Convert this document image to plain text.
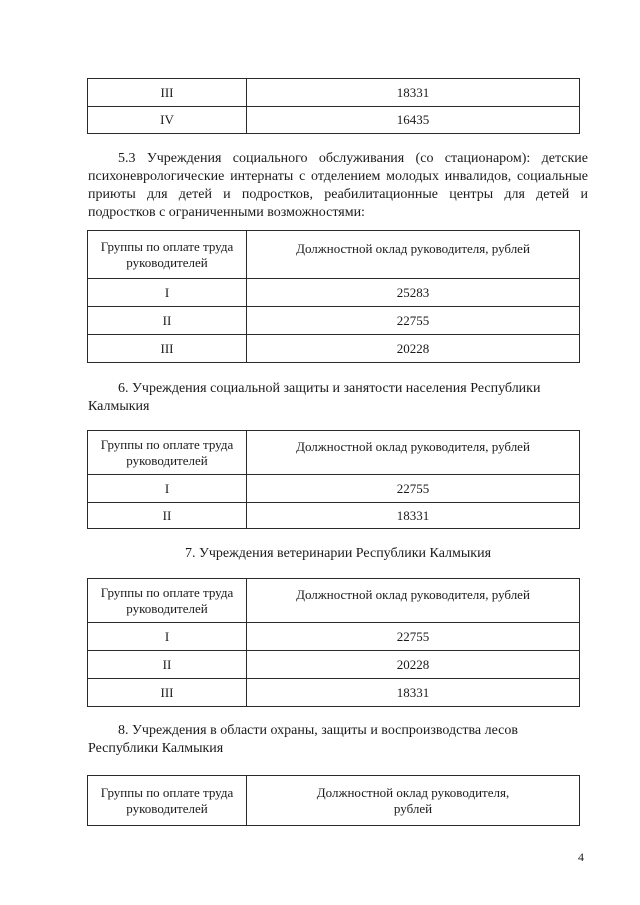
III	18331
IV	16435

5.3 Учреждения социального обслуживания (со стационаром): детские психоневрологические интернаты с отделением молодых инвалидов, социальные приюты для детей и подростков, реабилитационные центры для детей и подростков с ограниченными возможностями:

Группы по оплате труда руководителей	Должностной оклад руководителя, рублей
I	25283
II	22755
III	20228

6. Учреждения социальной защиты и занятости населения Республики Калмыкия

Группы по оплате труда руководителей	Должностной оклад руководителя, рублей
I	22755
II	18331

7. Учреждения ветеринарии Республики Калмыкия

Группы по оплате труда руководителей	Должностной оклад руководителя, рублей
I	22755
II	20228
III	18331

8. Учреждения в области охраны, защиты и воспроизводства лесов Республики Калмыкия

Группы по оплате труда руководителей	Должностной оклад руководителя, рублей
4
